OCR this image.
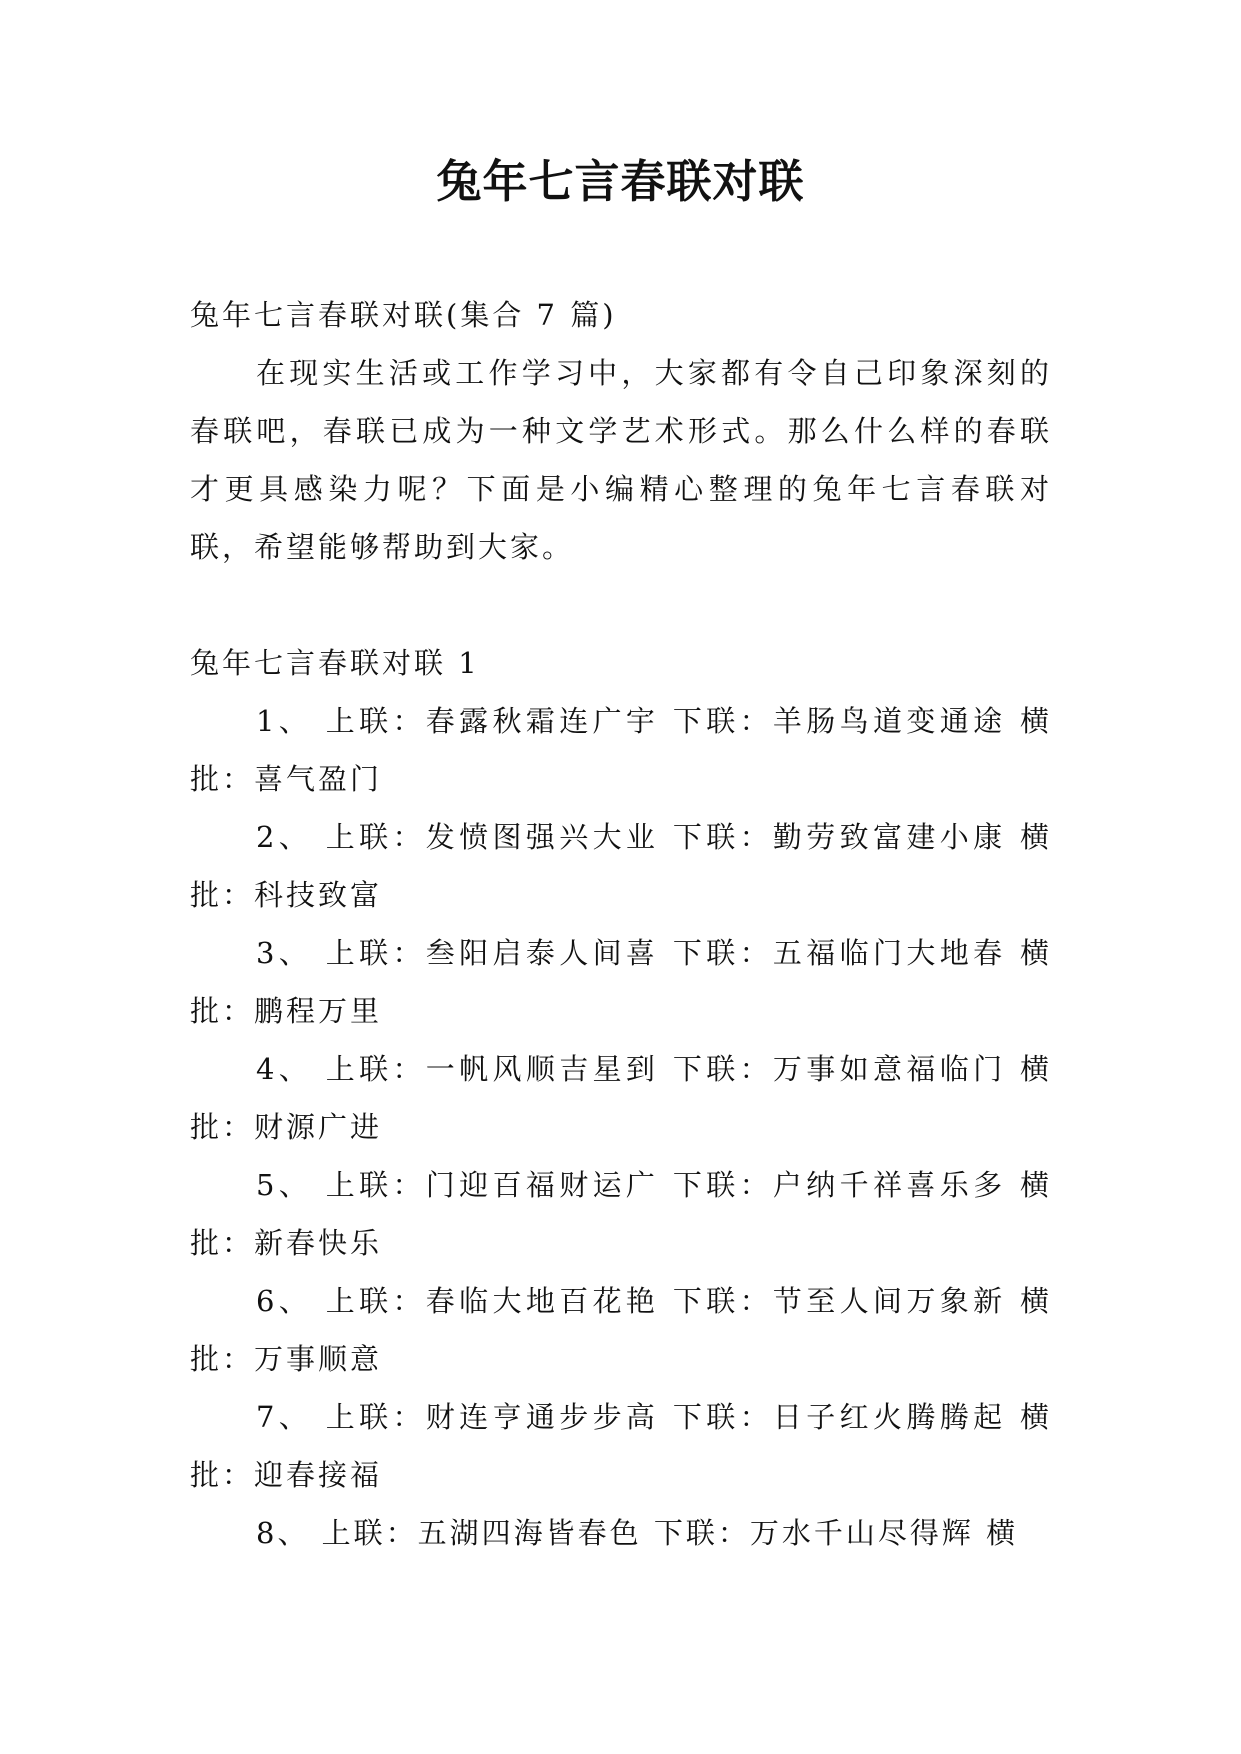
兔年七言春联对联
兔年七言春联对联(集合 7 篇)
在现实生活或工作学习中，大家都有令自己印象深刻的春联吧，春联已成为一种文学艺术形式。那么什么样的春联才更具感染力呢？下面是小编精心整理的兔年七言春联对联，希望能够帮助到大家。
兔年七言春联对联 1

1、 上联：春露秋霜连广宇 下联：羊肠鸟道变通途 横批：喜气盈门

2、 上联：发愤图强兴大业 下联：勤劳致富建小康 横批：科技致富

3、 上联：叁阳启泰人间喜 下联：五福临门大地春 横批：鹏程万里

4、 上联：一帆风顺吉星到 下联：万事如意福临门 横批：财源广进

5、 上联：门迎百福财运广 下联：户纳千祥喜乐多 横批：新春快乐

6、 上联：春临大地百花艳 下联：节至人间万象新 横批：万事顺意

7、 上联：财连亨通步步高 下联：日子红火腾腾起 横批：迎春接福

8、 上联：五湖四海皆春色 下联：万水千山尽得辉 横
